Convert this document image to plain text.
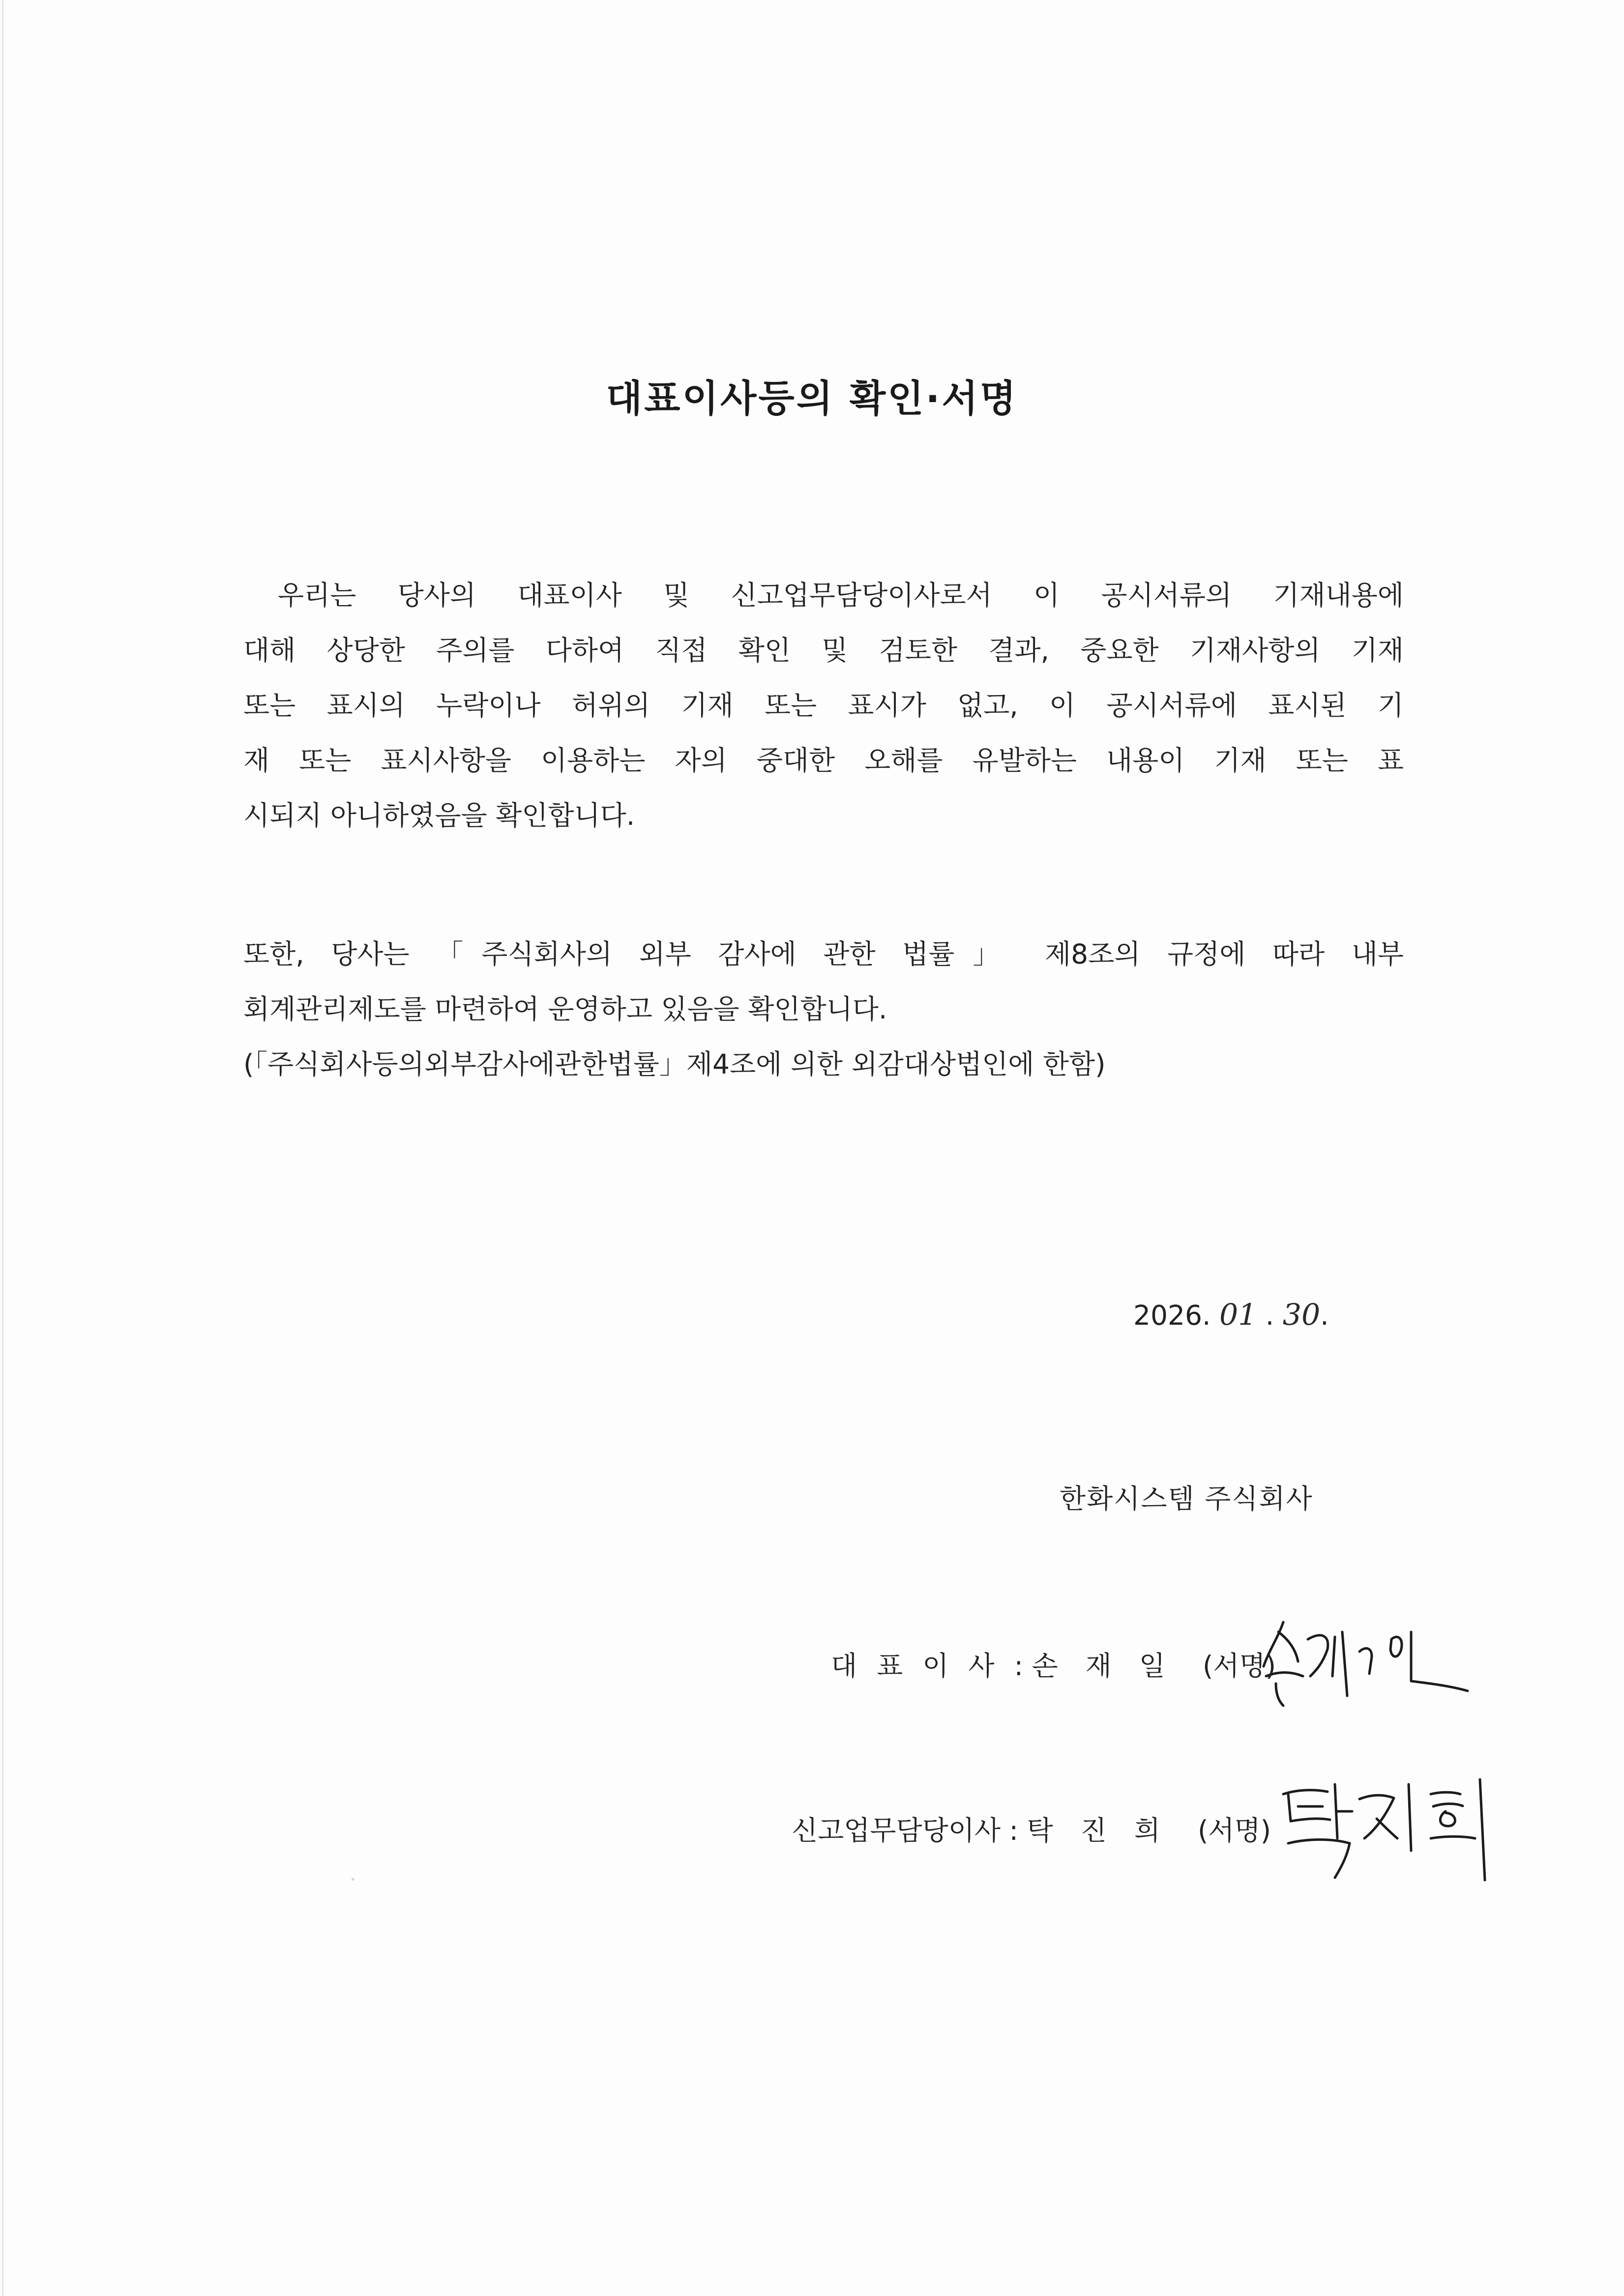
대표이사등의 확인·서명
우리는 당사의 대표이사 및 신고업무담당이사로서 이 공시서류의 기재내용에
대해 상당한 주의를 다하여 직접 확인 및 검토한 결과, 중요한 기재사항의 기재
또는 표시의 누락이나 허위의 기재 또는 표시가 없고, 이 공시서류에 표시된 기
재 또는 표시사항을 이용하는 자의 중대한 오해를 유발하는 내용이 기재 또는 표
시되지 아니하였음을 확인합니다.
또한, 당사는 「주식회사의 외부 감사에 관한 법률」 제8조의 규정에 따라 내부
회계관리제도를 마련하여 운영하고 있음을 확인합니다.
(「주식회사등의외부감사에관한법률」제4조에 의한 외감대상법인에 한함)
2026. 01 . 30.
한화시스템 주식회사
대표이사: 손재일 (서명)
신고업무담당이사 : 탁진희 (서명)
